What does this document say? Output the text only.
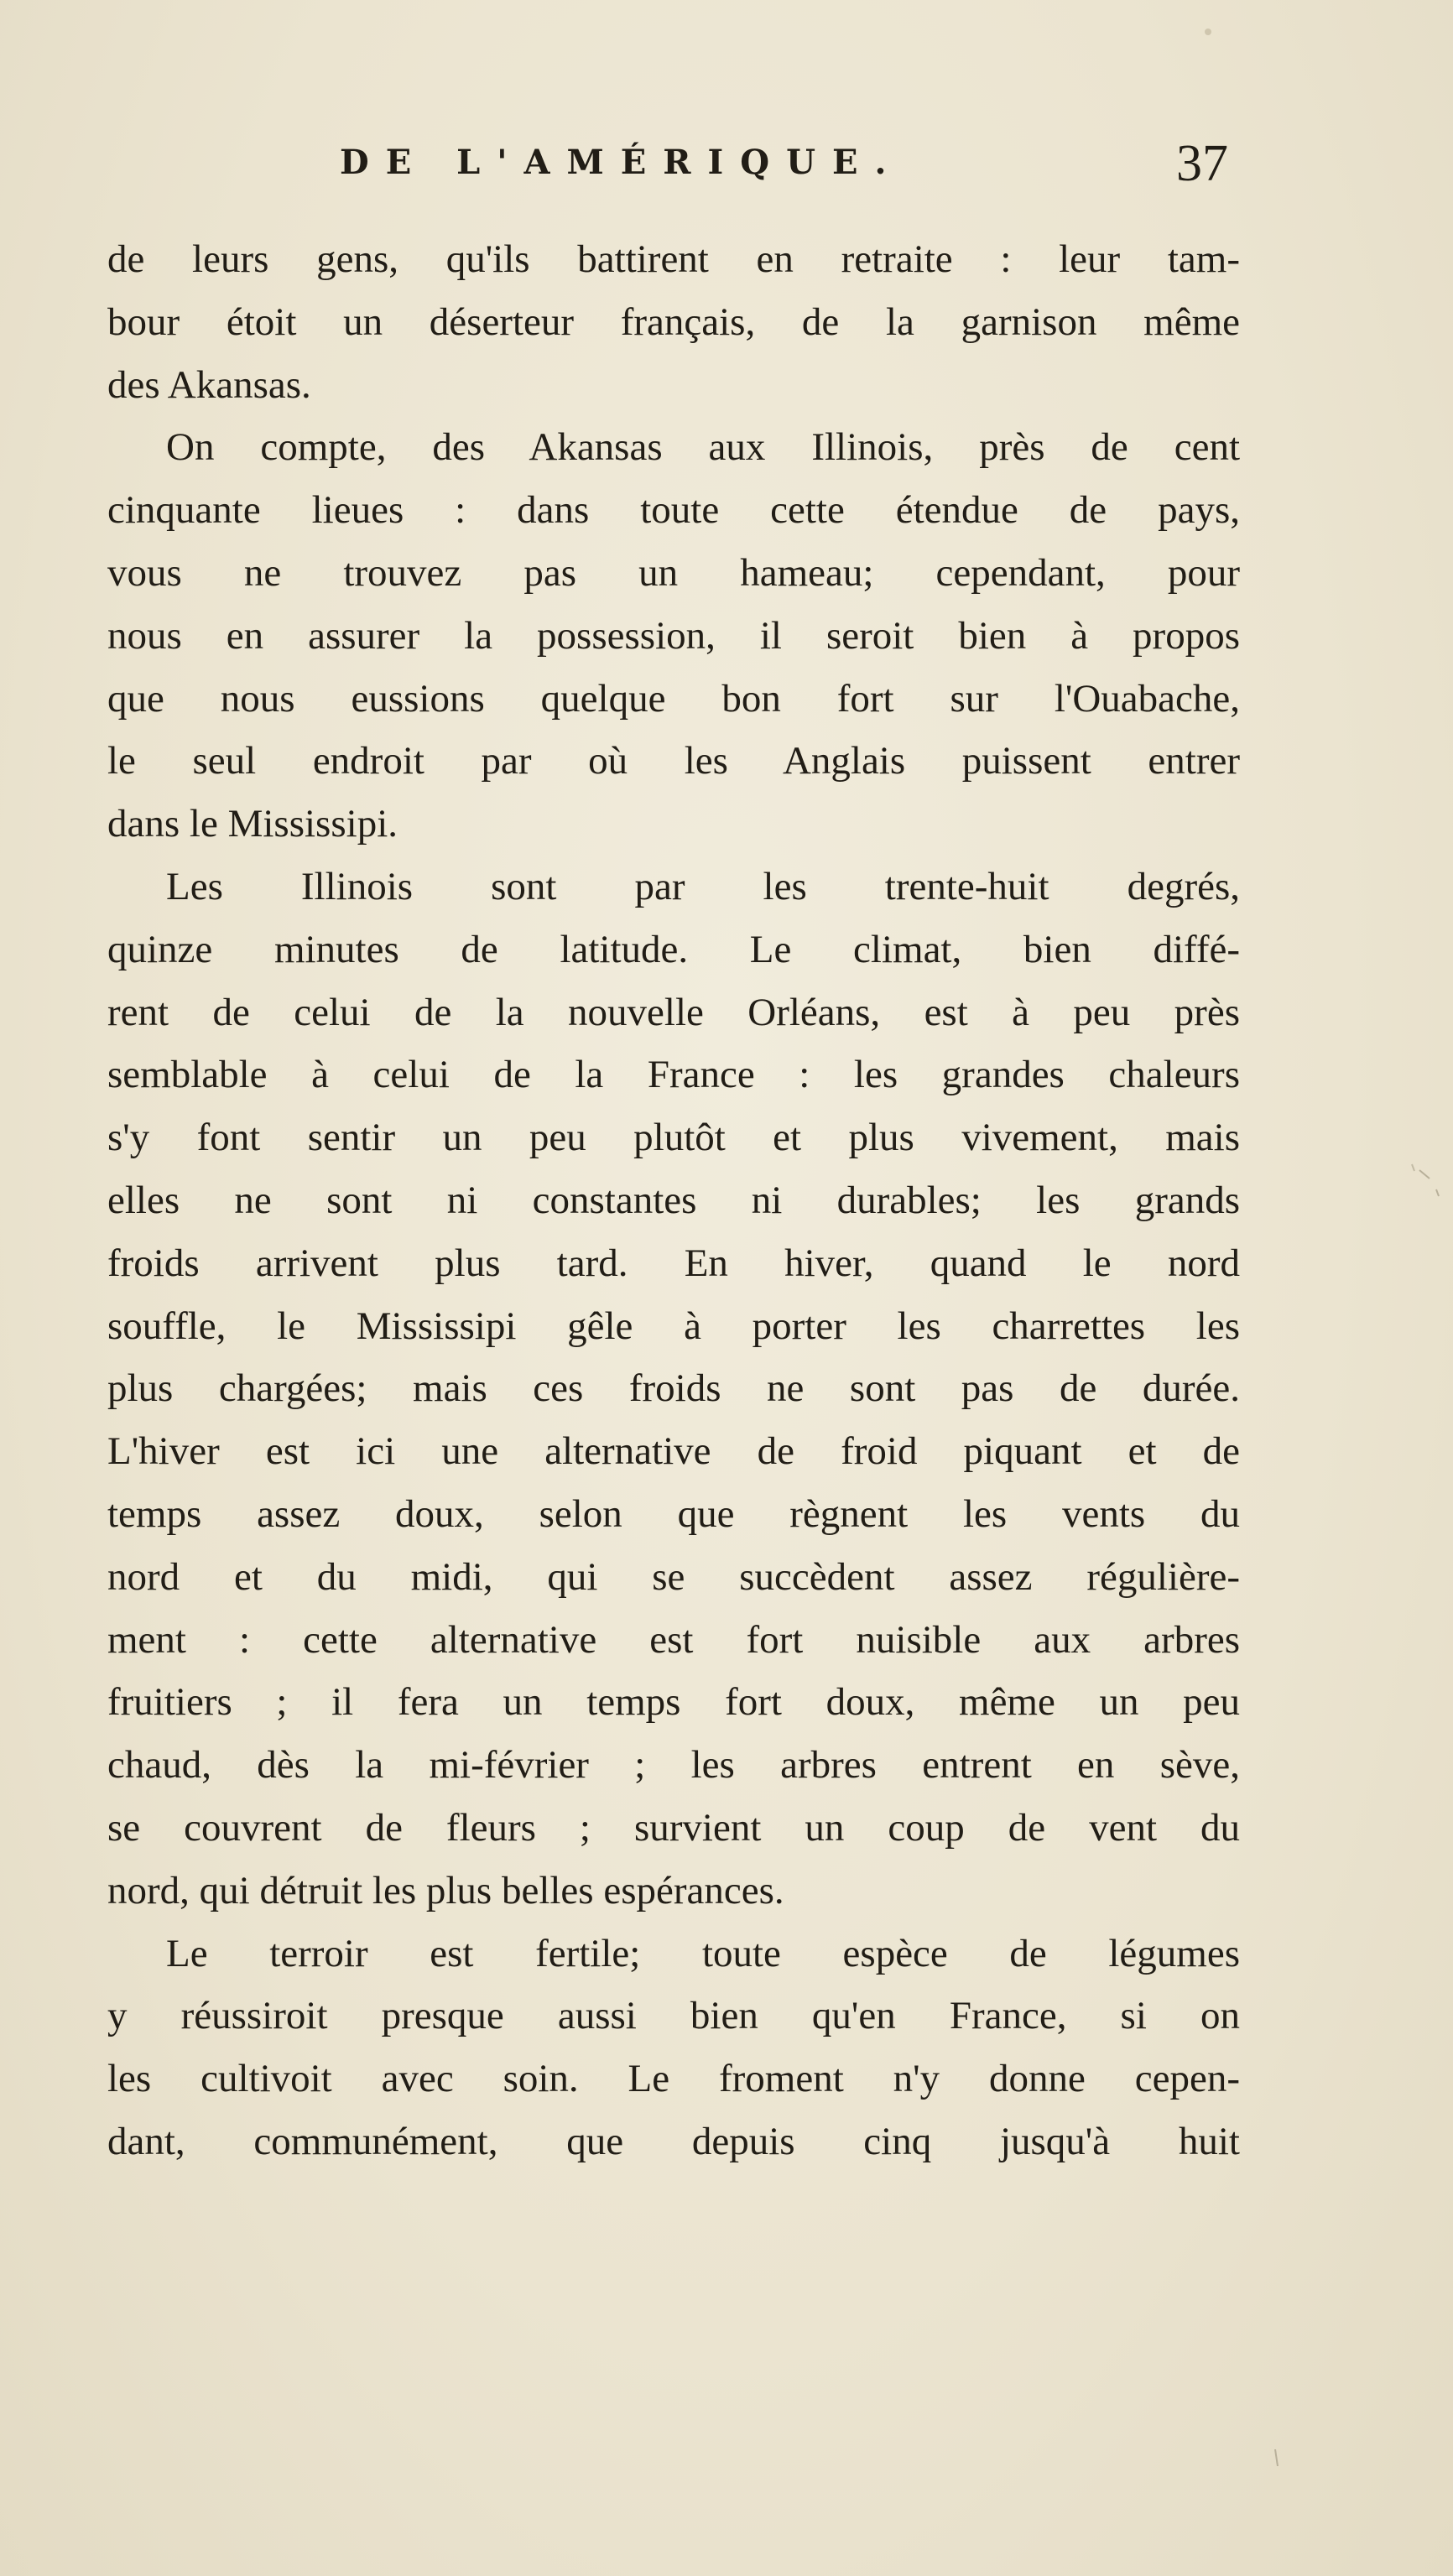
DE L'AMÉRIQUE.	37
de leurs gens, qu'ils battirent en retraite : leur tam-
bour étoit un déserteur français, de la garnison même
des Akansas.
On compte, des Akansas aux Illinois, près de cent
cinquante lieues : dans toute cette étendue de pays,
vous ne trouvez pas un hameau; cependant, pour
nous en assurer la possession, il seroit bien à propos
que nous eussions quelque bon fort sur l'Ouabache,
le seul endroit par où les Anglais puissent entrer
dans le Mississipi.
Les Illinois sont par les trente-huit degrés,
quinze minutes de latitude. Le climat, bien diffé-
rent de celui de la nouvelle Orléans, est à peu près
semblable à celui de la France : les grandes chaleurs
s'y font sentir un peu plutôt et plus vivement, mais
elles ne sont ni constantes ni durables; les grands
froids arrivent plus tard. En hiver, quand le nord
souffle, le Mississipi gêle à porter les charrettes les
plus chargées; mais ces froids ne sont pas de durée.
L'hiver est ici une alternative de froid piquant et de
temps assez doux, selon que règnent les vents du
nord et du midi, qui se succèdent assez régulière-
ment : cette alternative est fort nuisible aux arbres
fruitiers ; il fera un temps fort doux, même un peu
chaud, dès la mi-février ; les arbres entrent en sève,
se couvrent de fleurs ; survient un coup de vent du
nord, qui détruit les plus belles espérances.
Le terroir est fertile; toute espèce de légumes
y réussiroit presque aussi bien qu'en France, si on
les cultivoit avec soin. Le froment n'y donne cepen-
dant, communément, que depuis cinq jusqu'à huit
